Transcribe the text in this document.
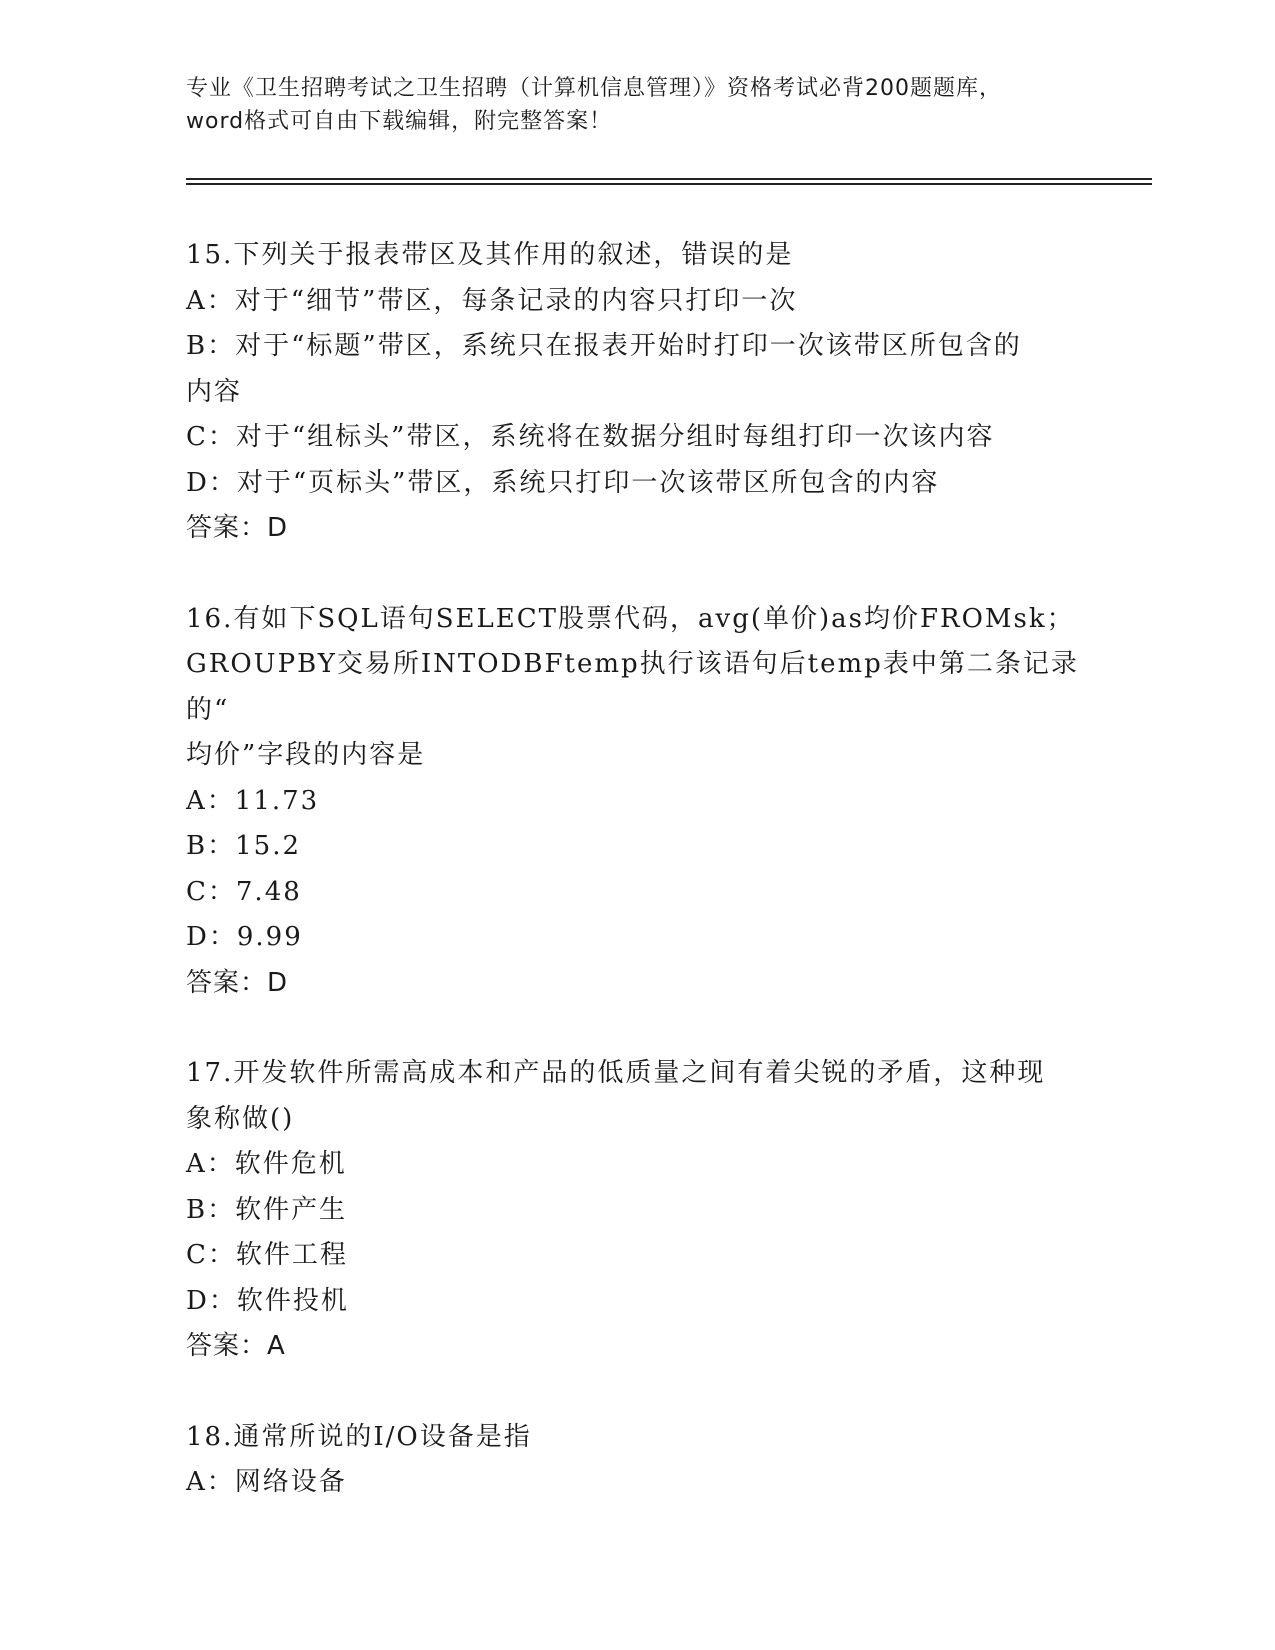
专业《卫生招聘考试之卫生招聘（计算机信息管理）》资格考试必背200题题库，
word格式可自由下载编辑，附完整答案！
15.下列关于报表带区及其作用的叙述，错误的是
A：对于“细节”带区，每条记录的内容只打印一次
B：对于“标题”带区，系统只在报表开始时打印一次该带区所包含的
内容
C：对于“组标头”带区，系统将在数据分组时每组打印一次该内容
D：对于“页标头”带区，系统只打印一次该带区所包含的内容
答案：D
16.有如下SQL语句SELECT股票代码，avg(单价)as均价FROMsk；
GROUPBY交易所INTODBFtemp执行该语句后temp表中第二条记录的“
均价”字段的内容是
A：11.73
B：15.2
C：7.48
D：9.99
答案：D
17.开发软件所需高成本和产品的低质量之间有着尖锐的矛盾，这种现
象称做()
A：软件危机
B：软件产生
C：软件工程
D：软件投机
答案：A
18.通常所说的I/O设备是指
A：网络设备
